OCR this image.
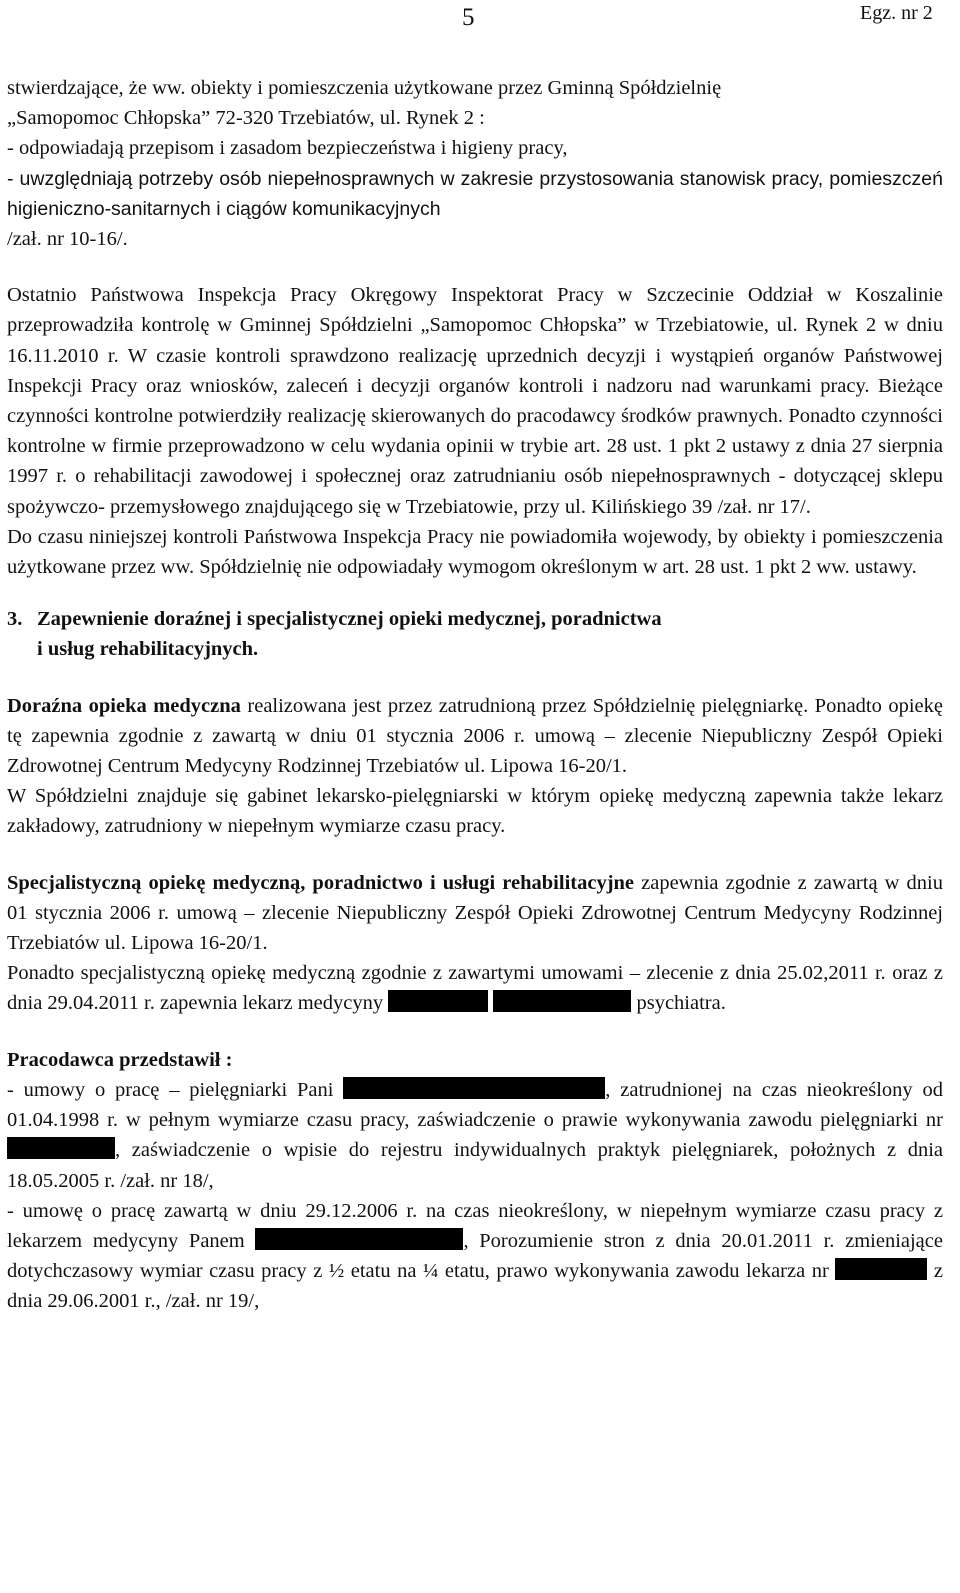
5	Egz. nr 2

stwierdzające, że ww. obiekty i pomieszczenia użytkowane przez Gminną Spółdzielnię

„Samopomoc Chłopska” 72-320 Trzebiatów, ul. Rynek 2 :

- odpowiadają przepisom i zasadom bezpieczeństwa i higieny pracy,

- uwzględniają potrzeby osób niepełnosprawnych w zakresie przystosowania stanowisk pracy, pomieszczeń higieniczno-sanitarnych i ciągów komunikacyjnych

/zał. nr 10-16/.

Ostatnio Państwowa Inspekcja Pracy Okręgowy Inspektorat Pracy w Szczecinie Oddział w Koszalinie przeprowadziła kontrolę w Gminnej Spółdzielni „Samopomoc Chłopska” w Trzebiatowie, ul. Rynek 2 w dniu 16.11.2010 r. W czasie kontroli sprawdzono realizację uprzednich decyzji i wystąpień organów Państwowej Inspekcji Pracy oraz wniosków, zaleceń i decyzji organów kontroli i nadzoru nad warunkami pracy. Bieżące czynności kontrolne potwierdziły realizację skierowanych do pracodawcy środków prawnych. Ponadto czynności kontrolne w firmie przeprowadzono w celu wydania opinii w trybie art. 28 ust. 1 pkt 2 ustawy z dnia 27 sierpnia 1997 r. o rehabilitacji zawodowej i społecznej oraz zatrudnianiu osób niepełnosprawnych - dotyczącej sklepu spożywczo- przemysłowego znajdującego się w Trzebiatowie, przy ul. Kilińskiego 39 /zał. nr 17/.

Do czasu niniejszej kontroli Państwowa Inspekcja Pracy nie powiadomiła wojewody, by obiekty i pomieszczenia użytkowane przez ww. Spółdzielnię nie odpowiadały wymogom określonym w art. 28 ust. 1 pkt 2 ww. ustawy.

3. Zapewnienie doraźnej i specjalistycznej opieki medycznej, poradnictwa
i usług rehabilitacyjnych.

Doraźna opieka medyczna realizowana jest przez zatrudnioną przez Spółdzielnię pielęgniarkę. Ponadto opiekę tę zapewnia zgodnie z zawartą w dniu 01 stycznia 2006 r. umową – zlecenie Niepubliczny Zespół Opieki Zdrowotnej Centrum Medycyny Rodzinnej Trzebiatów ul. Lipowa 16-20/1.

W Spółdzielni znajduje się gabinet lekarsko-pielęgniarski w którym opiekę medyczną zapewnia także lekarz zakładowy, zatrudniony w niepełnym wymiarze czasu pracy.

Specjalistyczną opiekę medyczną, poradnictwo i usługi rehabilitacyjne zapewnia zgodnie z zawartą w dniu 01 stycznia 2006 r. umową – zlecenie Niepubliczny Zespół Opieki Zdrowotnej Centrum Medycyny Rodzinnej Trzebiatów ul. Lipowa 16-20/1.

Ponadto specjalistyczną opiekę medyczną zgodnie z zawartymi umowami – zlecenie z dnia 25.02,2011 r. oraz z dnia 29.04.2011 r. zapewnia lekarz medycyny	psychiatra.

Pracodawca przedstawił :

- umowy o pracę – pielęgniarki Pani	, zatrudnionej na czas nieokreślony od 01.04.1998 r. w pełnym wymiarze czasu pracy, zaświadczenie o prawie wykonywania zawodu pielęgniarki nr , zaświadczenie o wpisie do rejestru indywidualnych praktyk pielęgniarek, położnych z dnia 18.05.2005 r. /zał. nr 18/,

- umowę o pracę zawartą w dniu 29.12.2006 r. na czas nieokreślony, w niepełnym wymiarze czasu pracy z lekarzem medycyny Panem	, Porozumienie stron z dnia 20.01.2011 r. zmieniające dotychczasowy wymiar czasu pracy z ½ etatu na ¼ etatu, prawo wykonywania zawodu lekarza nr	z dnia 29.06.2001 r., /zał. nr 19/,
